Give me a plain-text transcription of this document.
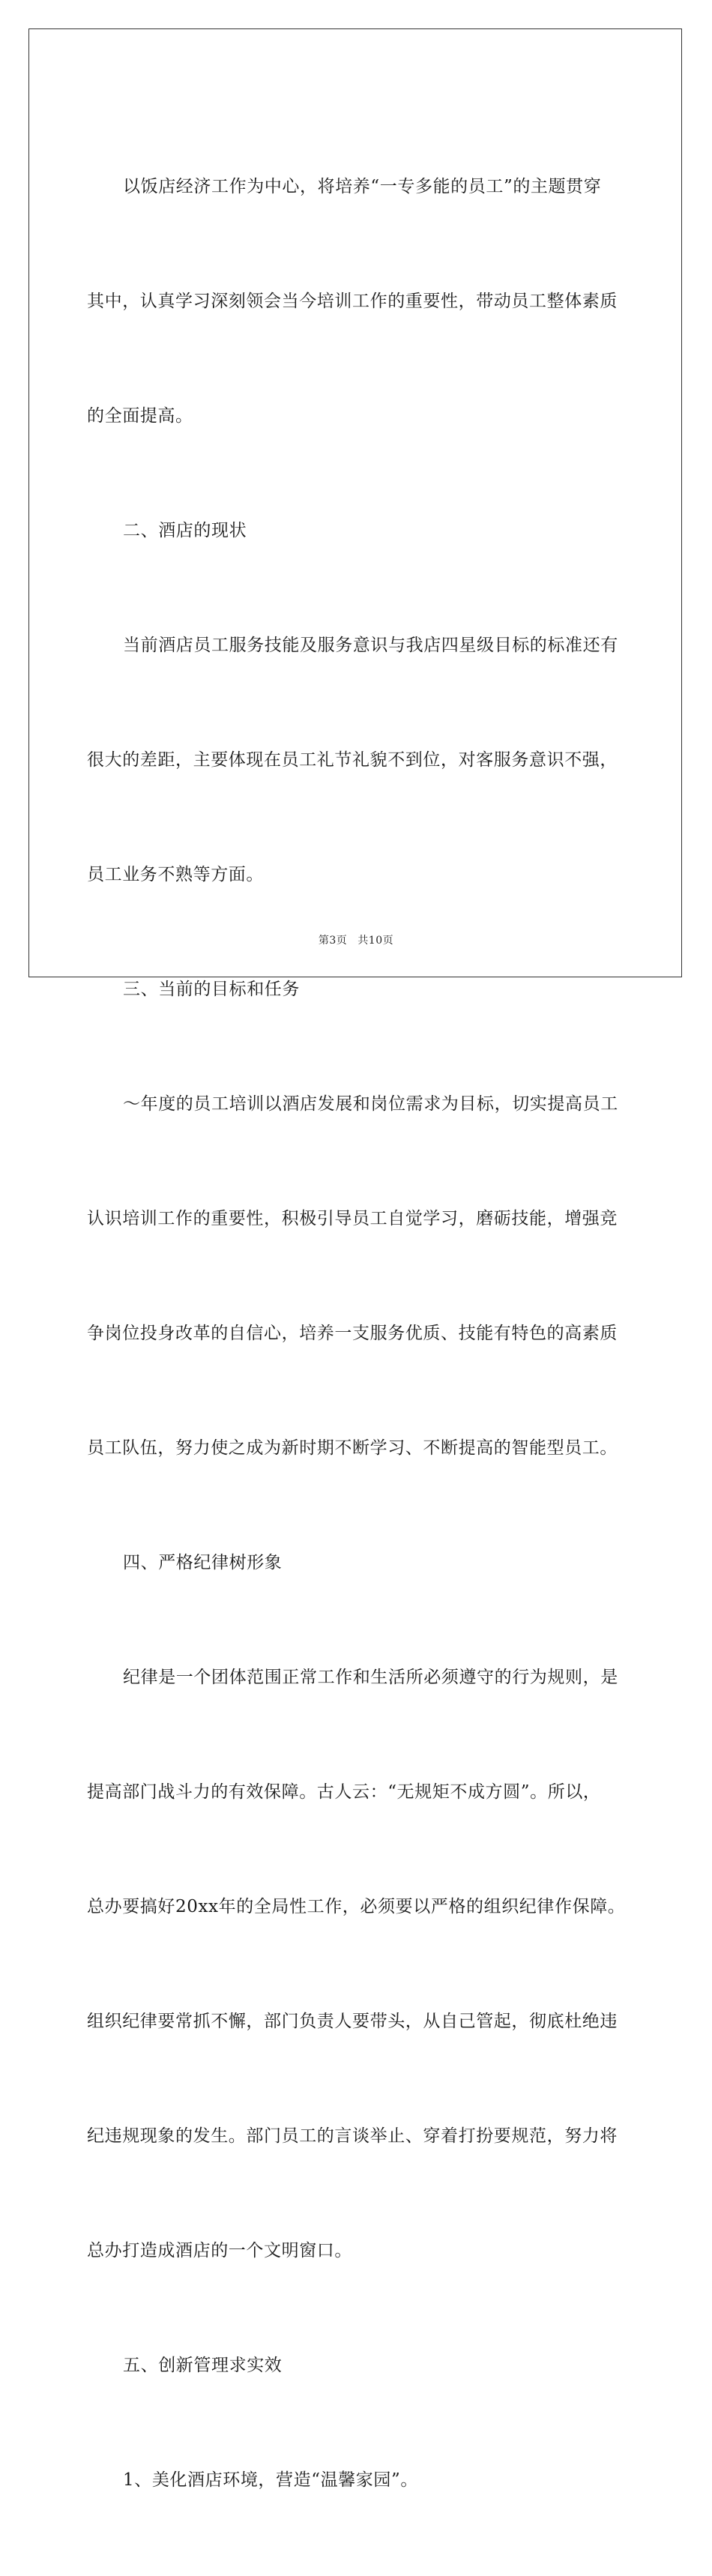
以饭店经济工作为中心，将培养“一专多能的员工”的主题贯穿

其中，认真学习深刻领会当今培训工作的重要性，带动员工整体素质

的全面提高。

二、酒店的现状

当前酒店员工服务技能及服务意识与我店四星级目标的标准还有

很大的差距，主要体现在员工礼节礼貌不到位，对客服务意识不强，

员工业务不熟等方面。

三、当前的目标和任务

～年度的员工培训以酒店发展和岗位需求为目标，切实提高员工

认识培训工作的重要性，积极引导员工自觉学习，磨砺技能，增强竞

争岗位投身改革的自信心，培养一支服务优质、技能有特色的高素质

员工队伍，努力使之成为新时期不断学习、不断提高的智能型员工。

四、严格纪律树形象

纪律是一个团体范围正常工作和生活所必须遵守的行为规则，是

提高部门战斗力的有效保障。古人云：“无规矩不成方圆”。所以，

总办要搞好20xx年的全局性工作，必须要以严格的组织纪律作保障。

组织纪律要常抓不懈，部门负责人要带头，从自己管起，彻底杜绝违

纪违规现象的发生。部门员工的言谈举止、穿着打扮要规范，努力将

总办打造成酒店的一个文明窗口。

五、创新管理求实效

1、美化酒店环境，营造“温馨家园”。

第3页 共10页
